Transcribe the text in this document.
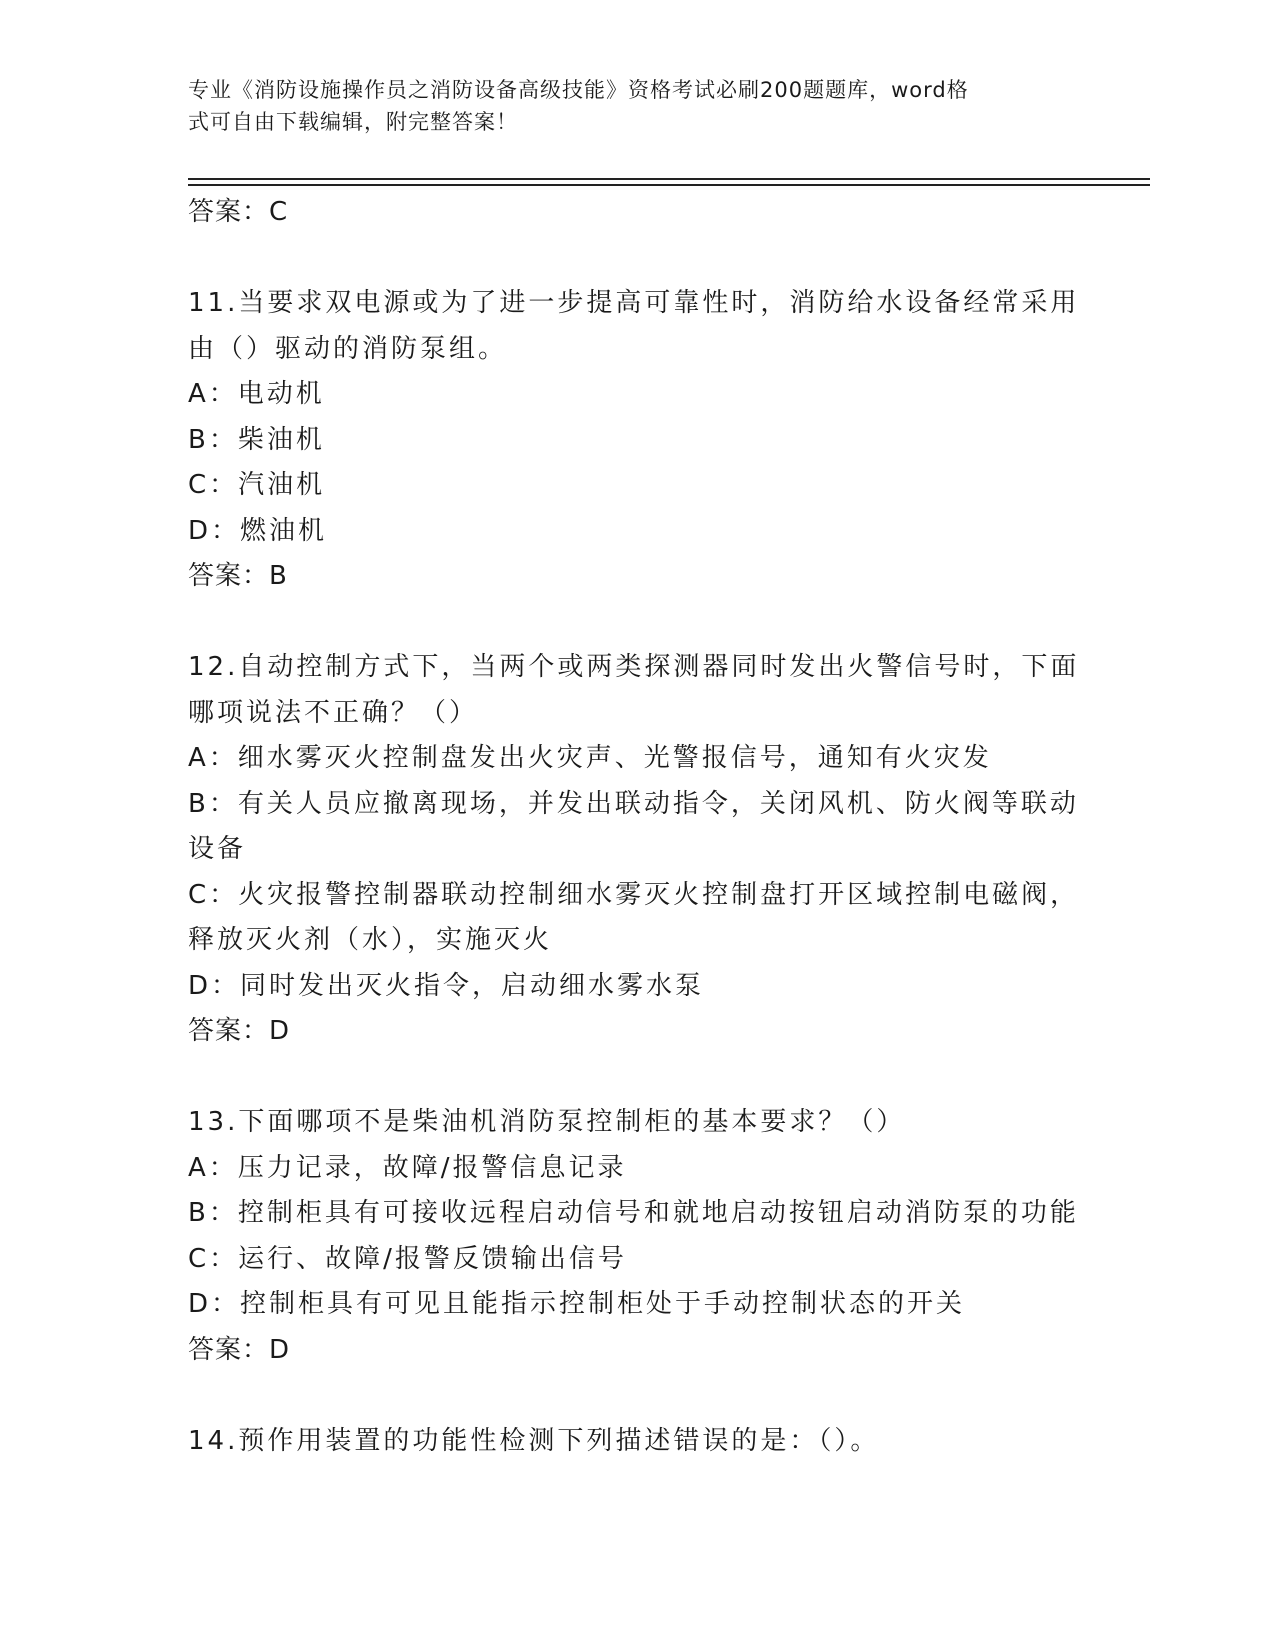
专业《消防设施操作员之消防设备高级技能》资格考试必刷200题题库，word格
式可自由下载编辑，附完整答案！
答案：C
11.当要求双电源或为了进一步提高可靠性时，消防给水设备经常采用
由（）驱动的消防泵组。
A：电动机
B：柴油机
C：汽油机
D：燃油机
答案：B
12.自动控制方式下，当两个或两类探测器同时发出火警信号时，下面
哪项说法不正确？（）
A：细水雾灭火控制盘发出火灾声、光警报信号，通知有火灾发
B：有关人员应撤离现场，并发出联动指令，关闭风机、防火阀等联动
设备
C：火灾报警控制器联动控制细水雾灭火控制盘打开区域控制电磁阀，
释放灭火剂（水），实施灭火
D：同时发出灭火指令，启动细水雾水泵
答案：D
13.下面哪项不是柴油机消防泵控制柜的基本要求？（）
A：压力记录，故障/报警信息记录
B：控制柜具有可接收远程启动信号和就地启动按钮启动消防泵的功能
C：运行、故障/报警反馈输出信号
D：控制柜具有可见且能指示控制柜处于手动控制状态的开关
答案：D
14.预作用装置的功能性检测下列描述错误的是：（）。
